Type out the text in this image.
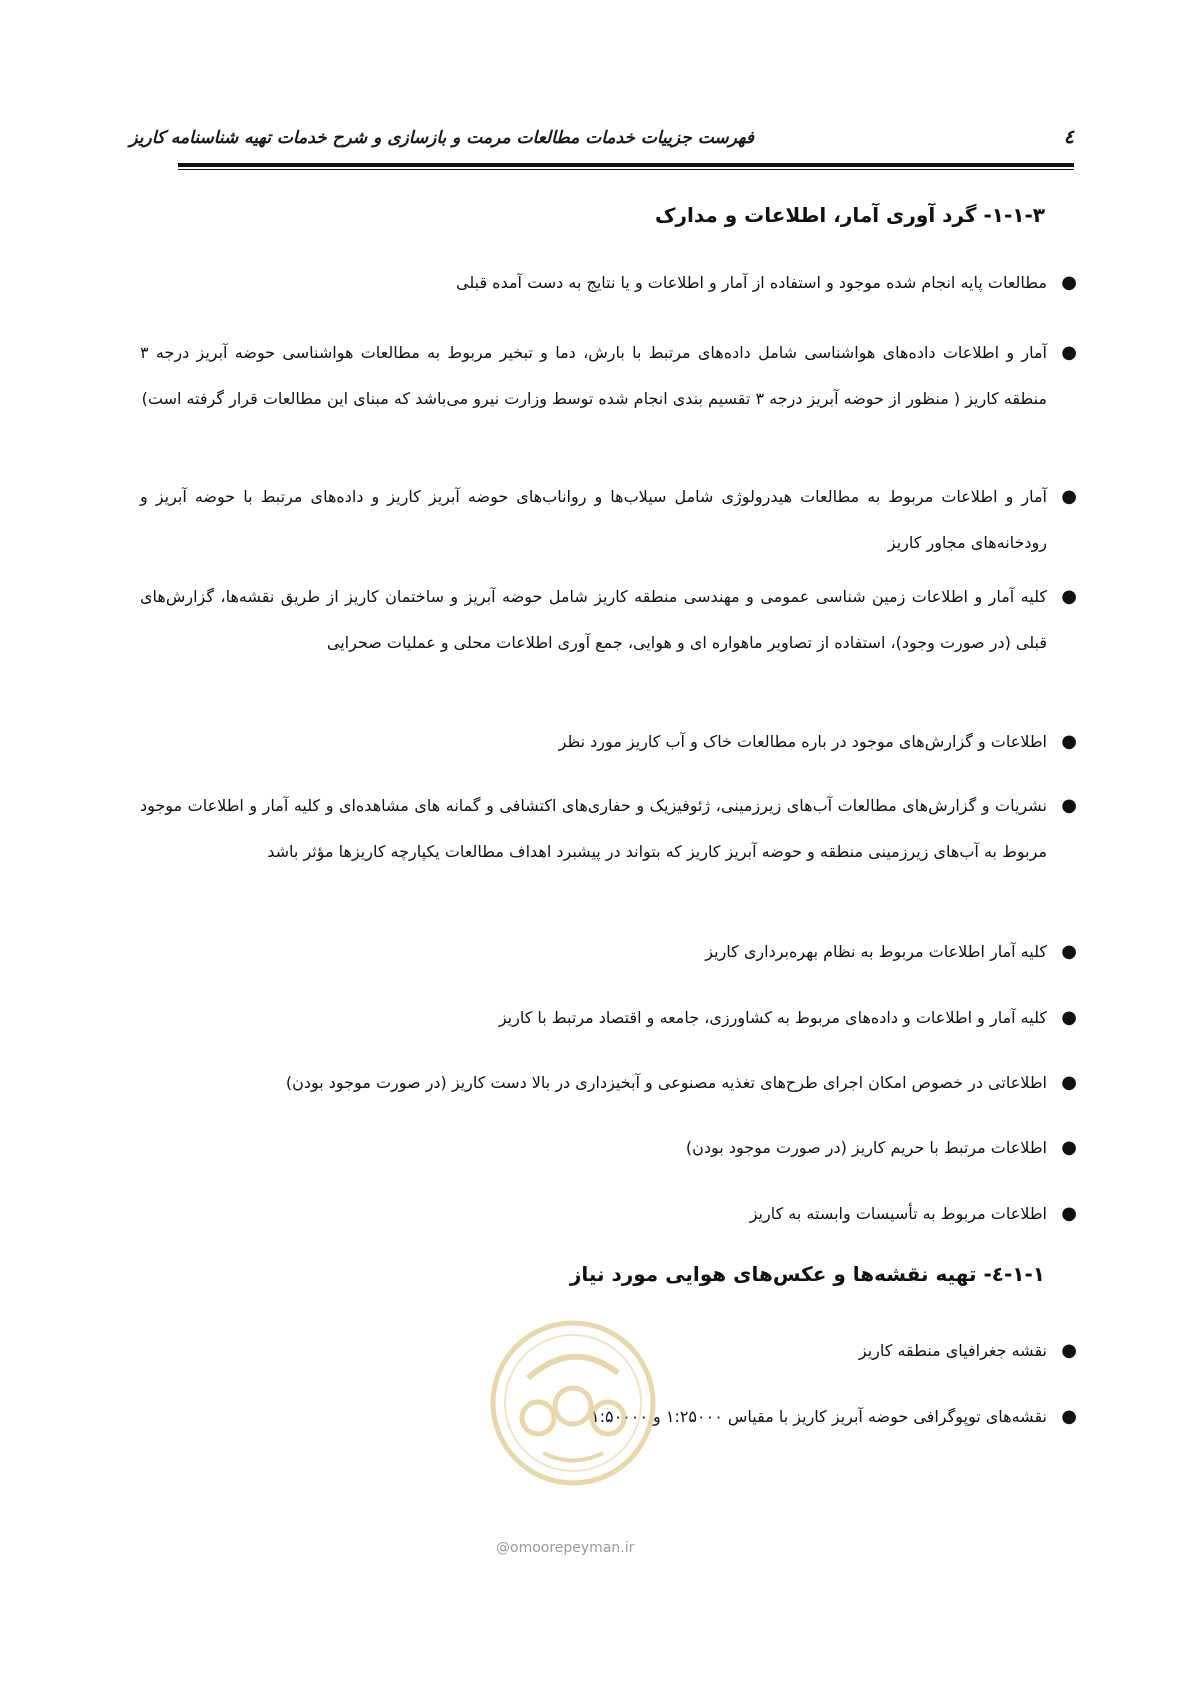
فهرست جزییات خدمات مطالعات مرمت و بازسازی و شرح خدمات تهیه شناسنامه کاریز	٤
۱-۱-۳- گرد آوری آمار، اطلاعات و مدارک
●
مطالعات پایه انجام شده موجود و استفاده از آمار و اطلاعات و یا نتایج به دست آمده قبلی
●
آمار و اطلاعات داده‌های هواشناسی شامل داده‌های مرتبط با بارش، دما و تبخیر مربوط به مطالعات هواشناسی حوضه آبریز درجه ۳ منطقه کاریز ( منظور از حوضه آبریز درجه ۳ تقسیم بندی انجام شده توسط وزارت نیرو می‌باشد که مبنای این مطالعات قرار گرفته است)
●
آمار و اطلاعات مربوط به مطالعات هیدرولوژی شامل سیلاب‌ها و رواناب‌های حوضه آبریز کاریز و داده‌های مرتبط با حوضه آبریز و رودخانه‌های مجاور کاریز
●
کلیه آمار و اطلاعات زمین شناسی عمومی و مهندسی منطقه کاریز شامل حوضه آبریز و ساختمان کاریز از طریق نقشه‌ها، گزارش‌های قبلی (در صورت وجود)، استفاده از تصاویر ماهواره ای و هوایی، جمع آوری اطلاعات محلی و عملیات صحرایی
●
اطلاعات و گزارش‌های موجود در باره مطالعات خاک و آب کاریز مورد نظر
●
نشریات و گزارش‌های مطالعات آب‌های زیرزمینی، ژئوفیزیک و حفاری‌های اکتشافی و گمانه های مشاهده‌ای و کلیه آمار و اطلاعات موجود مربوط به آب‌های زیرزمینی منطقه و حوضه آبریز کاریز که بتواند در پیشبرد اهداف مطالعات یکپارچه کاریزها مؤثر باشد
●
کلیه آمار اطلاعات مربوط به نظام بهره‌برداری کاریز
●
کلیه آمار و اطلاعات و داده‌های مربوط به کشاورزی، جامعه و اقتصاد مرتبط با کاریز
●
اطلاعاتی در خصوص امکان اجرای طرح‌های تغذیه مصنوعی و آبخیزداری در بالا دست کاریز (در صورت موجود بودن)
●
اطلاعات مرتبط با حریم کاریز (در صورت موجود بودن)
●
اطلاعات مربوط به تأسیسات وابسته به کاریز
۱-۱-٤- تهیه نقشه‌ها و عکس‌های هوایی مورد نیاز
●
نقشه جغرافیای منطقه کاریز
●
نقشه‌های توپوگرافی حوضه آبریز کاریز با مقیاس ۱:۲۵۰۰۰ و ۱:۵۰۰۰۰
@omoorepeyman.ir
